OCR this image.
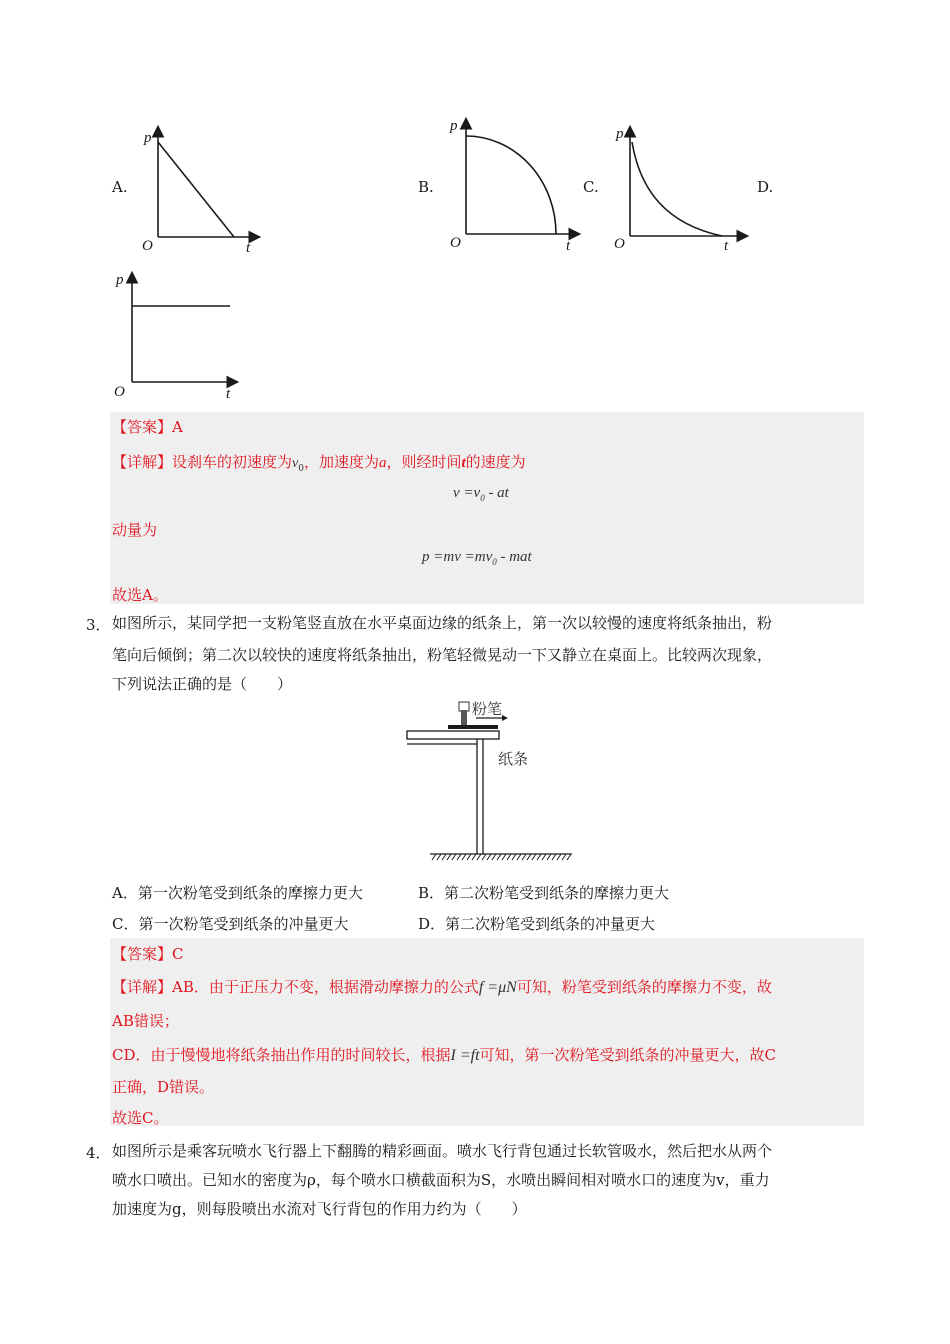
A.	B.	C.	D.
p
O	t
p
O	t
p
O	t
p
O	t
【答案】A
【详解】设刹车的初速度为$v_0$，加速度为a，则经时间t的速度为
$v =v_0$ - at
动量为
$p =mv =mv_0$ - mat
故选A。
3． 如图所示，某同学把一支粉笔竖直放在水平桌面边缘的纸条上，第一次以较慢的速度将纸条抽出，粉
笔向后倾倒；第二次以较快的速度将纸条抽出，粉笔轻微晃动一下又静立在桌面上。比较两次现象，
下列说法正确的是（　　）
粉笔
纸条
A．第一次粉笔受到纸条的摩擦力更大	B．第二次粉笔受到纸条的摩擦力更大
C．第一次粉笔受到纸条的冲量更大	D．第二次粉笔受到纸条的冲量更大
【答案】C
【详解】AB．由于正压力不变，根据滑动摩擦力的公式f =μN可知，粉笔受到纸条的摩擦力不变，故
AB错误；
CD．由于慢慢地将纸条抽出作用的时间较长，根据I =ft可知，第一次粉笔受到纸条的冲量更大，故C
正确，D错误。
故选C。
4． 如图所示是乘客玩喷水飞行器上下翻腾的精彩画面。喷水飞行背包通过长软管吸水，然后把水从两个
喷水口喷出。已知水的密度为ρ，每个喷水口横截面积为S，水喷出瞬间相对喷水口的速度为v，重力
加速度为g，则每股喷出水流对飞行背包的作用力约为（　　）
